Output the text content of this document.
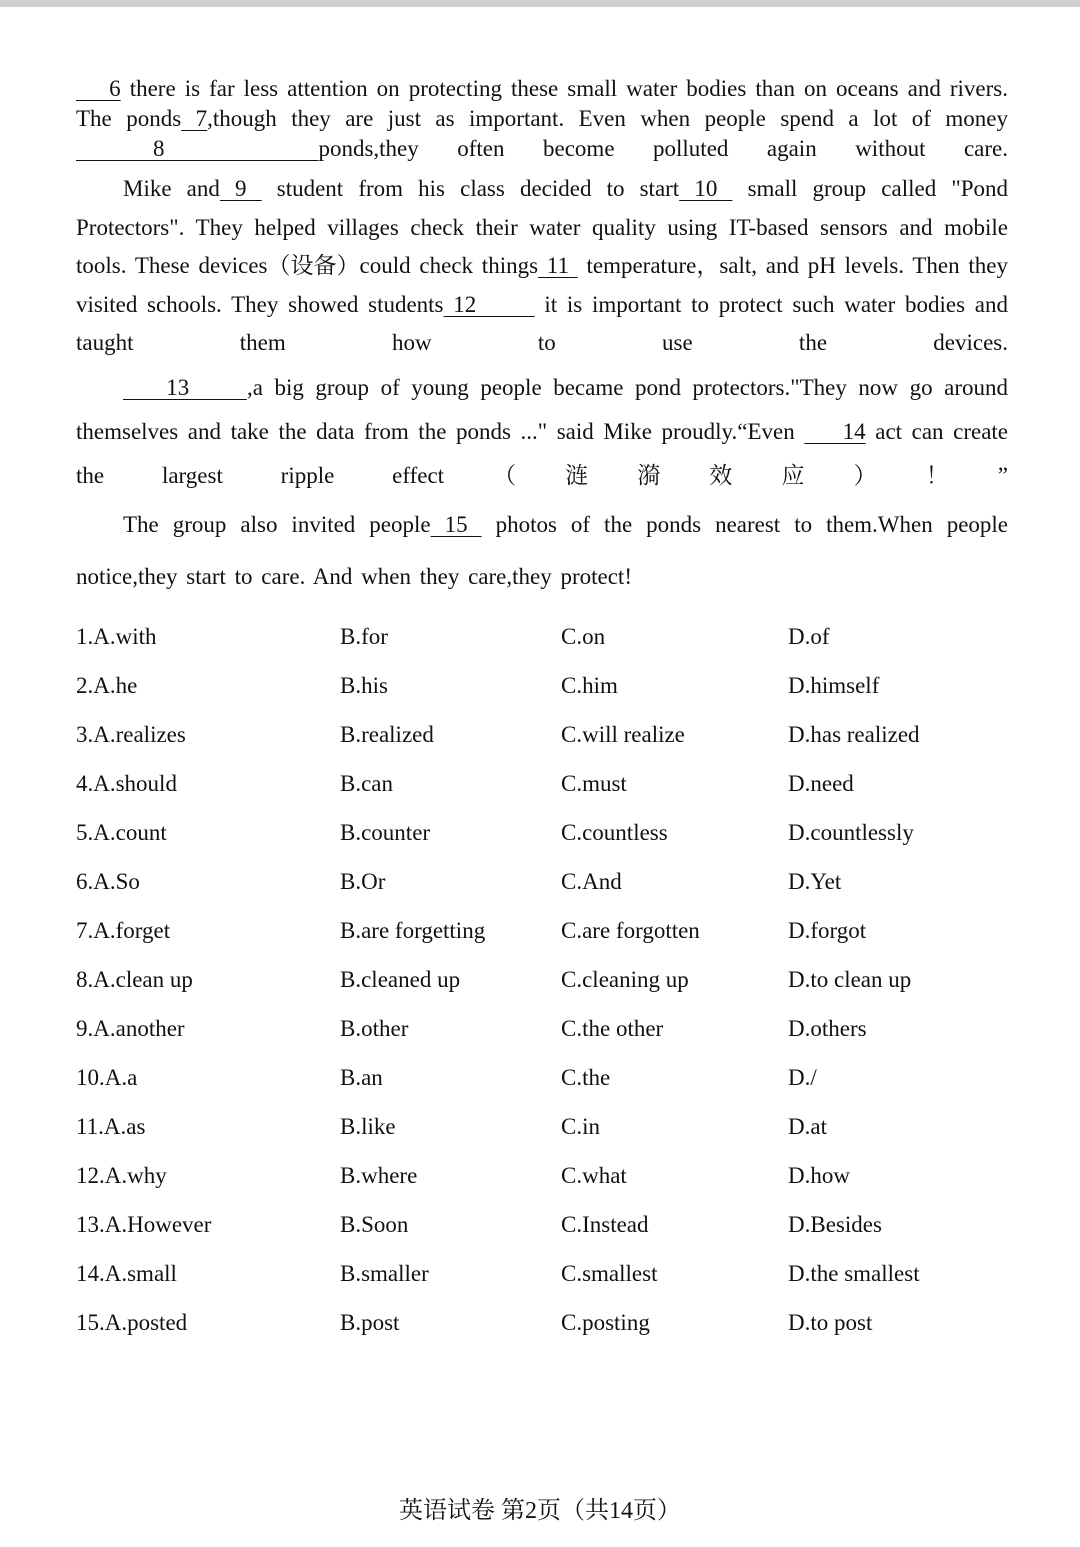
6 there is far less attention on protecting these small water bodies than on oceans and rivers. The ponds 7,though they are just as important. Even when people spend a lot of money  8    ponds,they often become polluted again without care.

Mike and 9  student from his class decided to start 10  small group called "Pond Protectors". They helped villages check their water quality using IT-based sensors and mobile tools. These devices（设备）could check things 11  temperature，salt, and pH levels. Then they visited schools. They showed students 12       it is important to protect such water bodies and taught them how to use the devices.

13     ,a big group of young people became pond protectors."They now go around themselves and take the data from the ponds ..." said Mike proudly.“Even     14 act can create the largest ripple effect（涟漪效应）！”

The group also invited people 15  photos of the ponds nearest to them.When people notice,they start to care. And when they care,they protect!

1.A.with	B.for	C.on	D.of
2.A.he	B.his	C.him	D.himself
3.A.realizes	B.realized	C.will realize	D.has realized
4.A.should	B.can	C.must	D.need
5.A.count	B.counter	C.countless	D.countlessly
6.A.So	B.Or	C.And	D.Yet
7.A.forget	B.are forgetting	C.are forgotten	D.forgot
8.A.clean up	B.cleaned up	C.cleaning up	D.to clean up
9.A.another	B.other	C.the other	D.others
10.A.a	B.an	C.the	D./
11.A.as	B.like	C.in	D.at
12.A.why	B.where	C.what	D.how
13.A.However	B.Soon	C.Instead	D.Besides
14.A.small	B.smaller	C.smallest	D.the smallest
15.A.posted	B.post	C.posting	D.to post
英语试卷 第2页（共14页）
